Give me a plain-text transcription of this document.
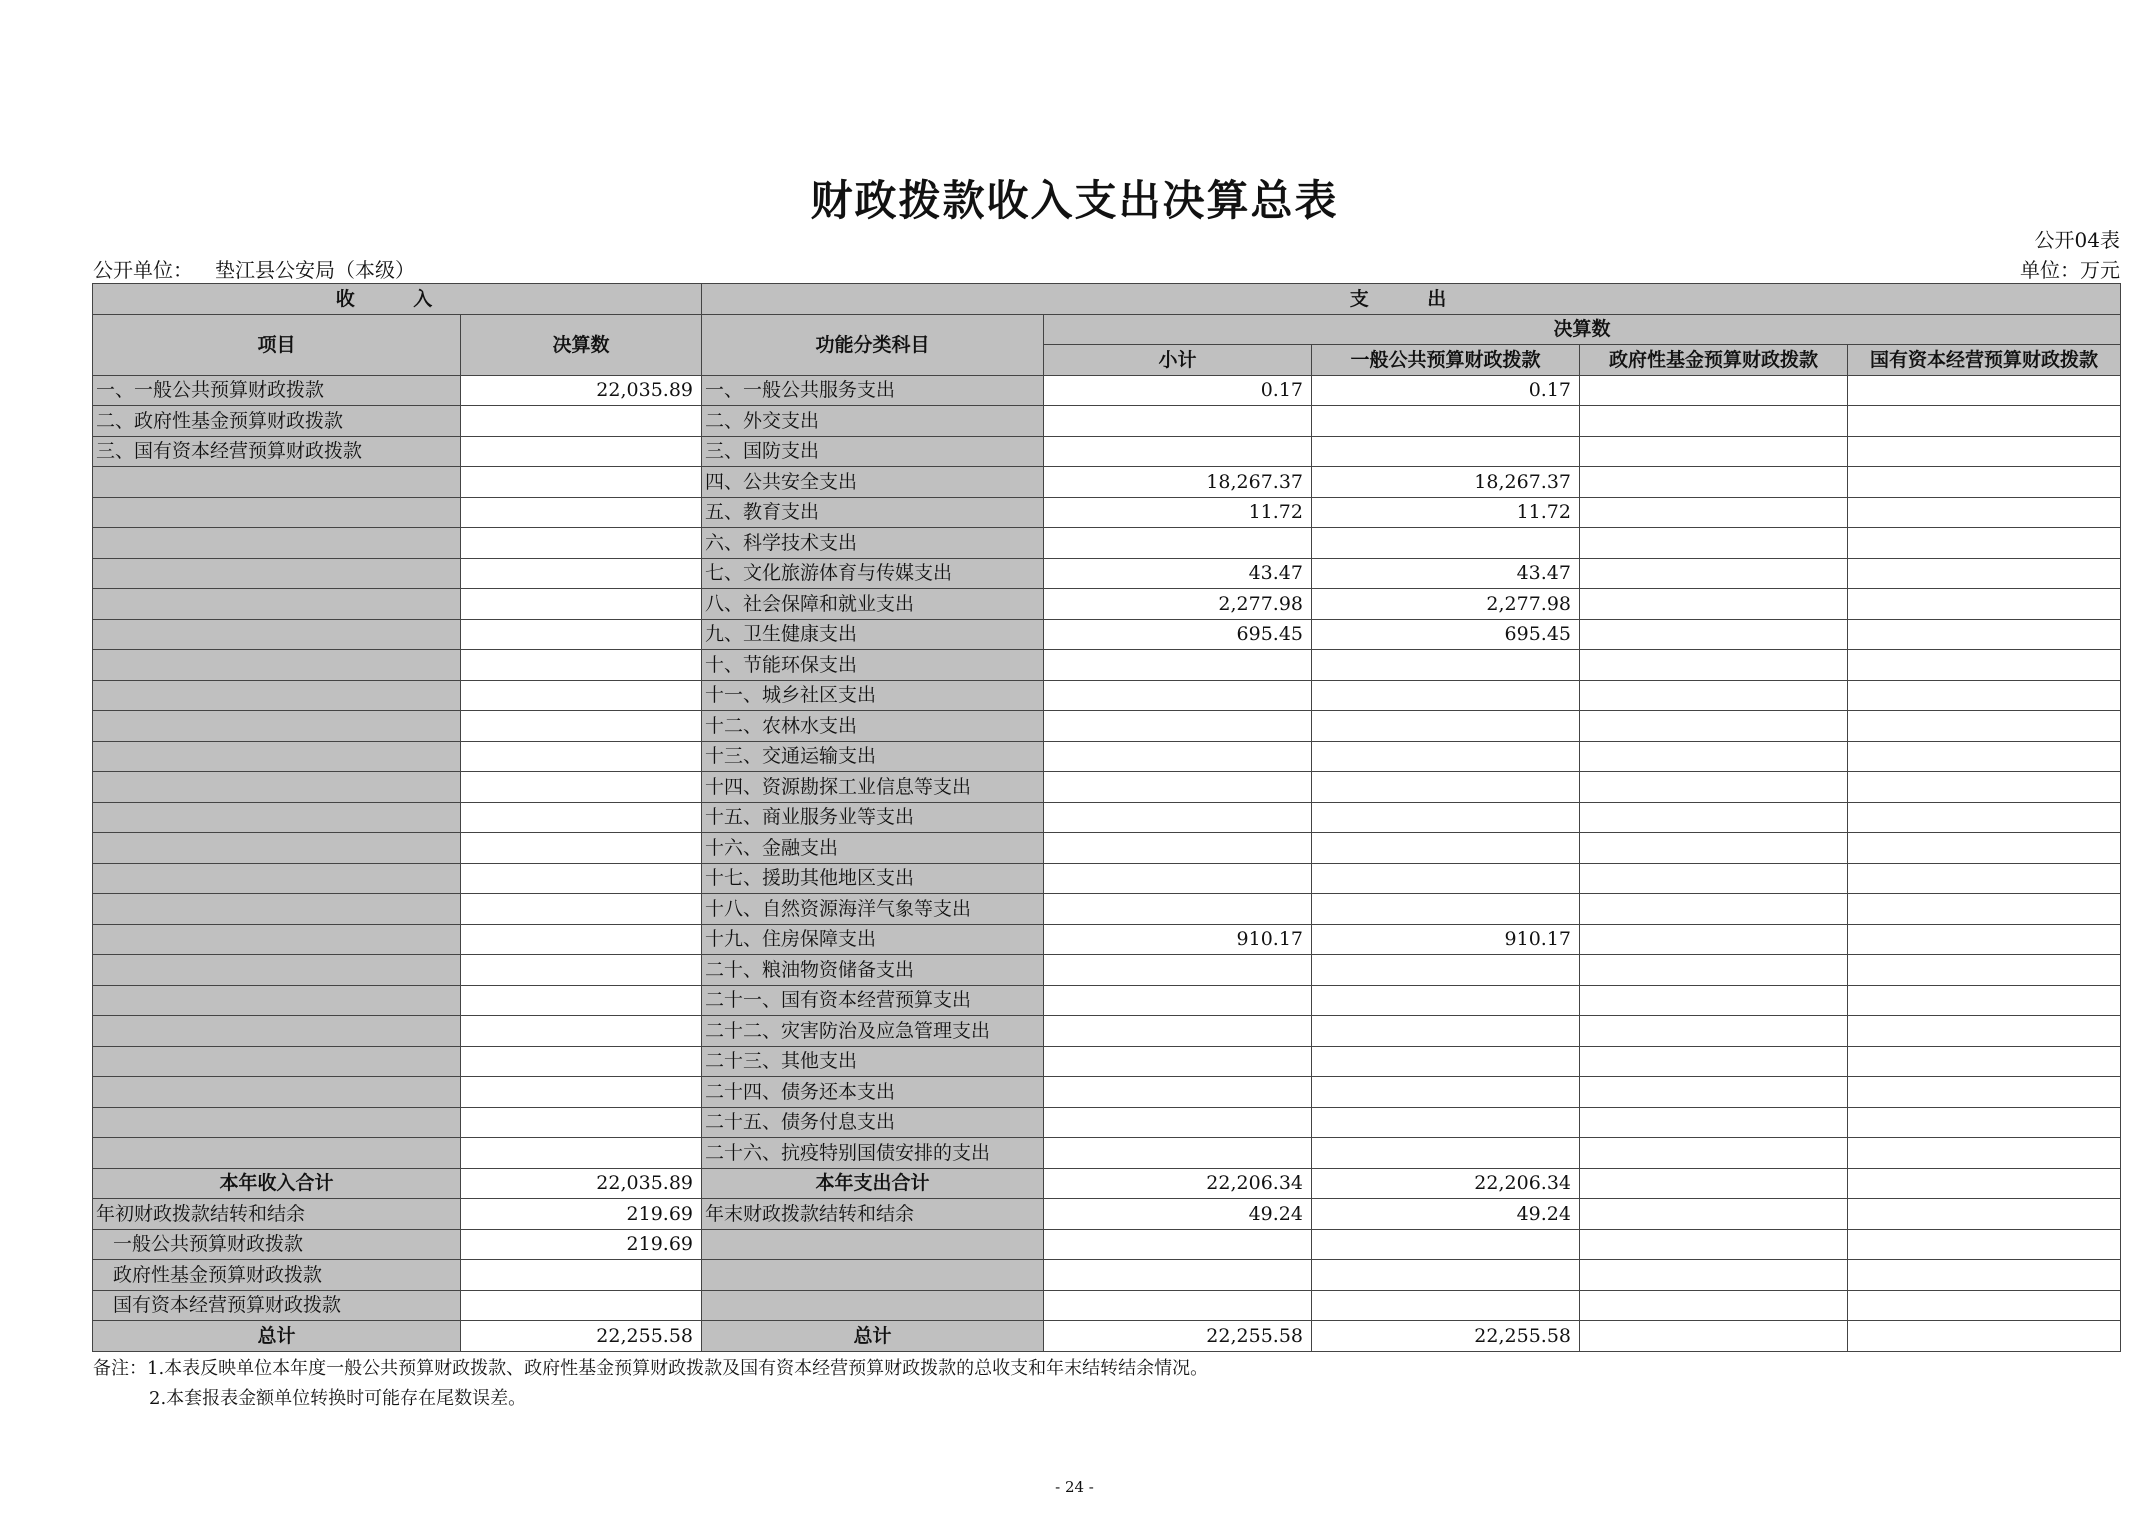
财政拨款收入支出决算总表
公开04表
公开单位： 垫江县公安局（本级）	单位：万元
收 入		支 出				
项目	决算数	功能分类科目	决算数			
			小计	一般公共预算财政拨款	政府性基金预算财政拨款	国有资本经营预算财政拨款
一、一般公共预算财政拨款	22,035.89	一、一般公共服务支出	0.17	0.17		
二、政府性基金预算财政拨款		二、外交支出				
三、国有资本经营预算财政拨款		三、国防支出				
		四、公共安全支出	18,267.37	18,267.37		
		五、教育支出	11.72	11.72		
		六、科学技术支出				
		七、文化旅游体育与传媒支出	43.47	43.47		
		八、社会保障和就业支出	2,277.98	2,277.98		
		九、卫生健康支出	695.45	695.45		
		十、节能环保支出				
		十一、城乡社区支出				
		十二、农林水支出				
		十三、交通运输支出				
		十四、资源勘探工业信息等支出				
		十五、商业服务业等支出				
		十六、金融支出				
		十七、援助其他地区支出				
		十八、自然资源海洋气象等支出				
		十九、住房保障支出	910.17	910.17		
		二十、粮油物资储备支出				
		二十一、国有资本经营预算支出				
		二十二、灾害防治及应急管理支出				
		二十三、其他支出				
		二十四、债务还本支出				
		二十五、债务付息支出				
		二十六、抗疫特别国债安排的支出				
本年收入合计	22,035.89	本年支出合计	22,206.34	22,206.34		
年初财政拨款结转和结余	219.69	年末财政拨款结转和结余	49.24	49.24		
一般公共预算财政拨款	219.69					
政府性基金预算财政拨款						
国有资本经营预算财政拨款						
总计	22,255.58	总计	22,255.58	22,255.58		
备注：1.本表反映单位本年度一般公共预算财政拨款、政府性基金预算财政拨款及国有资本经营预算财政拨款的总收支和年末结转结余情况。
2.本套报表金额单位转换时可能存在尾数误差。
- 24 -
